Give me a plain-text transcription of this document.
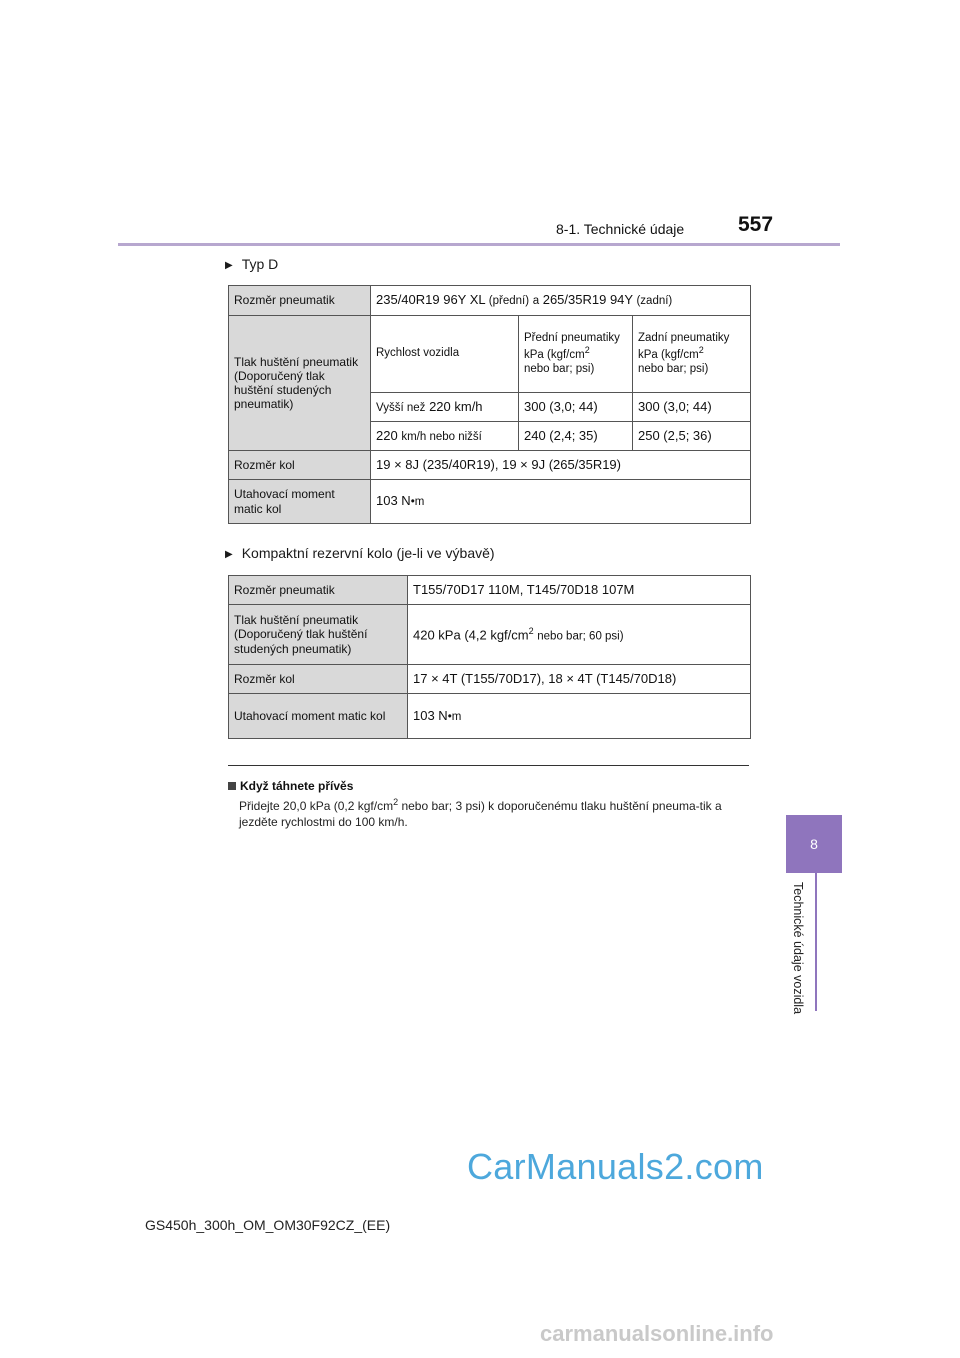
8-1. Technické údaje	557
8
Technické údaje vozidla
▶ Typ D
Rozměr pneumatik	235/40R19 96Y XL (přední) a 265/35R19 94Y (zadní)		
Tlak huštění pneumatik (Doporučený tlak huštění studených pneumatik)	Rychlost vozidla	Přední pneumatiky kPa ($kgf/cm^2$
nebo bar; psi)	Zadní pneumatiky kPa ($kgf/cm^2$
nebo bar; psi)
	Vyšší než 220 km/h	300 (3,0; 44)	300 (3,0; 44)
	220 km/h nebo nižší	240 (2,4; 35)	250 (2,5; 36)
Rozměr kol	19 × 8J (235/40R19), 19 × 9J (265/35R19)		
Utahovací moment matic kol	103 N•m		
▶ Kompaktní rezervní kolo (je-li ve výbavě)
Rozměr pneumatik	T155/70D17 110M, T145/70D18 107M
Tlak huštění pneumatik (Doporučený tlak huštění studených pneumatik)	420 kPa (4,2 kgf/$cm^2$ nebo bar; 60 psi)
Rozměr kol	17 × 4T (T155/70D17), 18 × 4T (T145/70D18)
Utahovací moment matic kol	103 N•m
Když táhnete přívěs
Přidejte 20,0 kPa (0,2 kgf/$cm^2$ nebo bar; 3 psi) k doporučenému tlaku huštění pneuma-tik a jezděte rychlostmi do 100 km/h.
CarManuals2.com
GS450h_300h_OM_OM30F92CZ_(EE)
carmanualsonline.info
